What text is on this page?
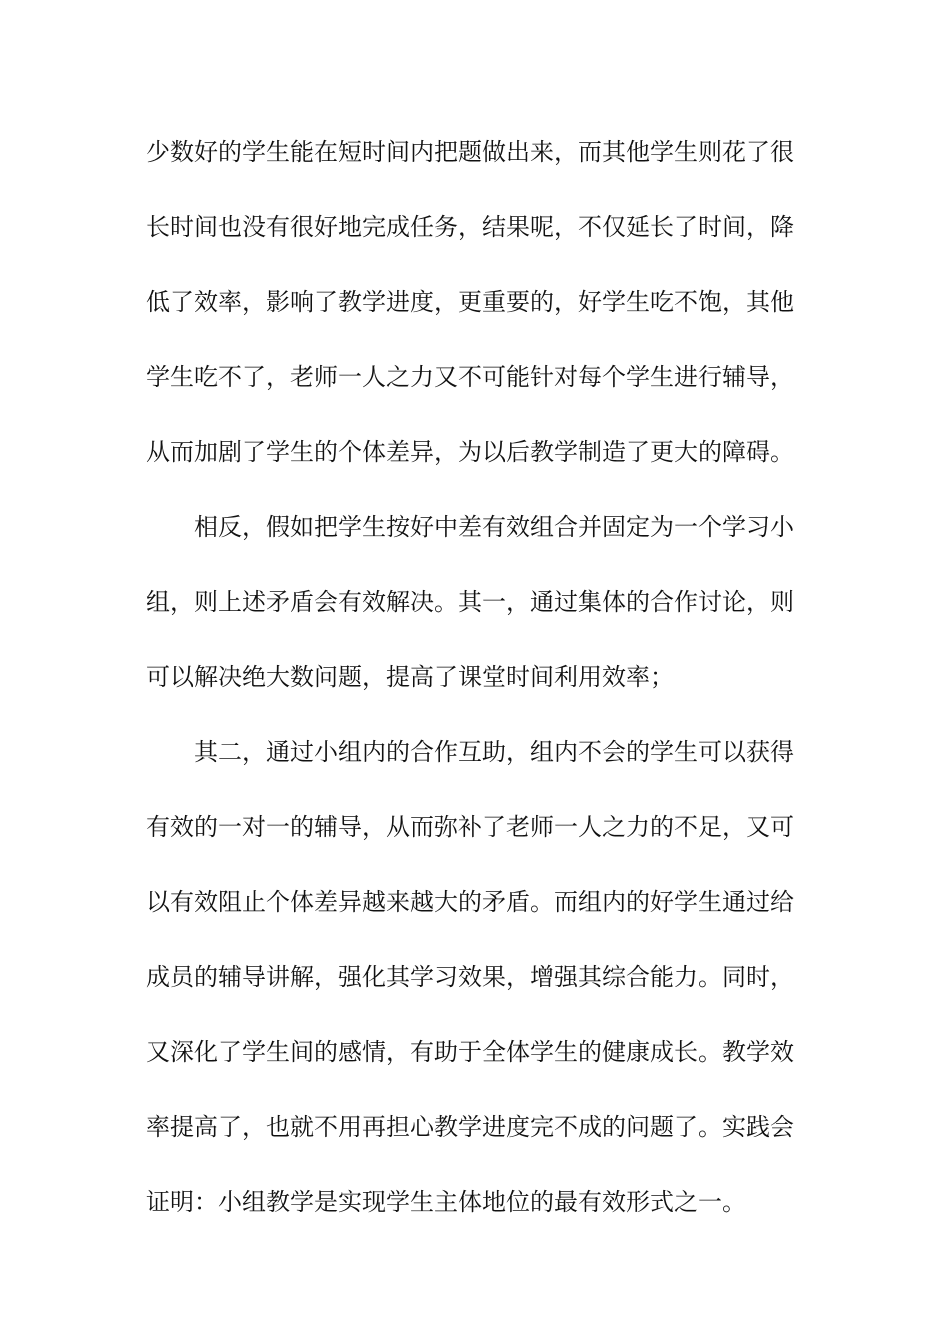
少数好的学生能在短时间内把题做出来，而其他学生则花了很
长时间也没有很好地完成任务，结果呢，不仅延长了时间，降
低了效率，影响了教学进度，更重要的，好学生吃不饱，其他
学生吃不了，老师一人之力又不可能针对每个学生进行辅导，
从而加剧了学生的个体差异，为以后教学制造了更大的障碍。
相反，假如把学生按好中差有效组合并固定为一个学习小
组，则上述矛盾会有效解决。其一，通过集体的合作讨论，则
可以解决绝大数问题，提高了课堂时间利用效率；
其二，通过小组内的合作互助，组内不会的学生可以获得
有效的一对一的辅导，从而弥补了老师一人之力的不足，又可
以有效阻止个体差异越来越大的矛盾。而组内的好学生通过给
成员的辅导讲解，强化其学习效果，增强其综合能力。同时，
又深化了学生间的感情，有助于全体学生的健康成长。教学效
率提高了，也就不用再担心教学进度完不成的问题了。实践会
证明：小组教学是实现学生主体地位的最有效形式之一。
